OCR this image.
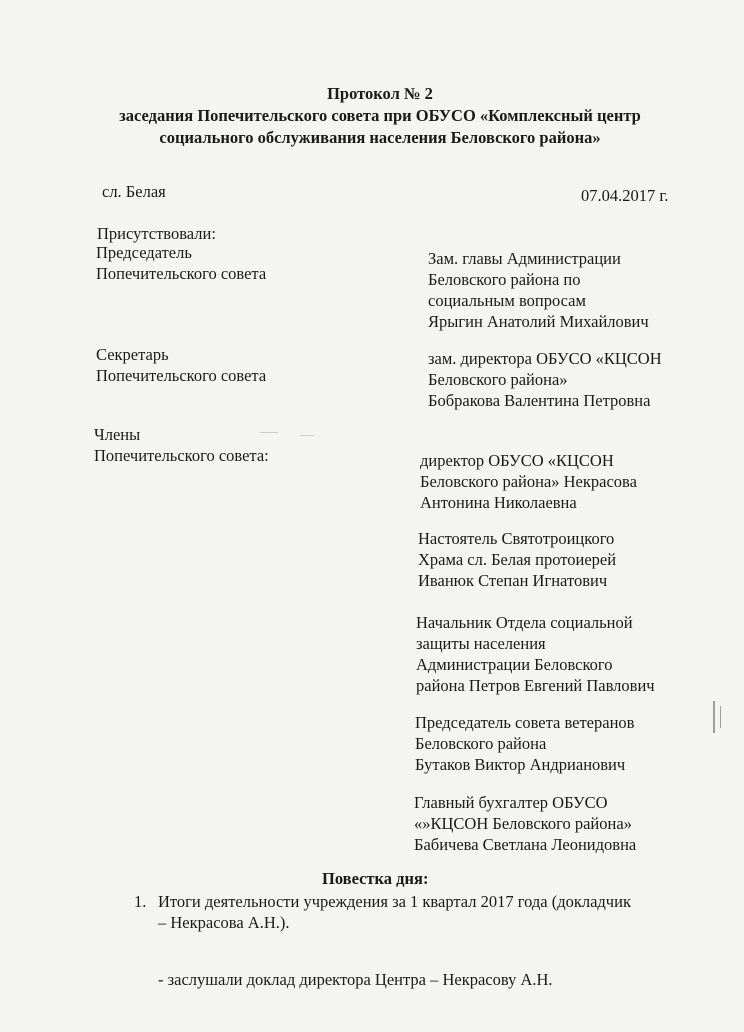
Протокол № 2
заседания Попечительского совета при ОБУСО «Комплексный центр
социального обслуживания населения Беловского района»
сл. Белая	07.04.2017 г.
Присутствовали:
Председатель
Попечительского совета
Зам. главы Администрации
Беловского района по
социальным вопросам
Ярыгин Анатолий Михайлович
Секретарь
Попечительского совета
зам. директора ОБУСО «КЦСОН
Беловского района»
Бобракова Валентина Петровна
Члены
Попечительского совета:	директор ОБУСО «КЦСОН
Беловского района» Некрасова
Антонина Николаевна
Настоятель Святотроицкого
Храма сл. Белая протоиерей
Иванюк Степан Игнатович
Начальник Отдела социальной
защиты населения
Администрации Беловского
района Петров Евгений Павлович
Председатель совета ветеранов
Беловского района
Бутаков Виктор Андрианович
Главный бухгалтер ОБУСО
«»КЦСОН Беловского района»
Бабичева Светлана Леонидовна
Повестка дня:
1. Итоги деятельности учреждения за 1 квартал 2017 года (докладчик
– Некрасова А.Н.).
- заслушали доклад директора Центра – Некрасову А.Н.
